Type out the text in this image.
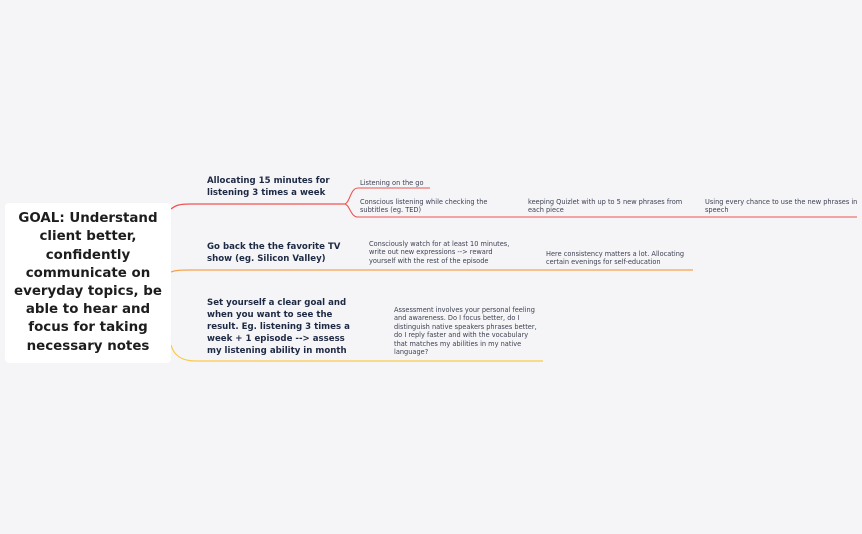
GOAL: Understand client better, confidently communicate on everyday topics, be able to hear and focus for taking necessary notes
Allocating 15 minutes for listening 3 times a week
Listening on the go
Conscious listening while checking the subtitles (eg. TED)
keeping Quizlet with up to 5 new phrases from each piece
Using every chance to use the new phrases in speech
Go back the the favorite TV show (eg. Silicon Valley)
Consciously watch for at least 10 minutes, write out new expressions --> reward yourself with the rest of the episode
Here consistency matters a lot. Allocating certain evenings for self-education
Set yourself a clear goal and when you want to see the result. Eg. listening 3 times a week + 1 episode --> assess my listening ability in month
Assessment involves your personal feeling and awareness. Do I focus better, do I distinguish native speakers phrases better, do I reply faster and with the vocabulary that matches my abilities in my native language?
